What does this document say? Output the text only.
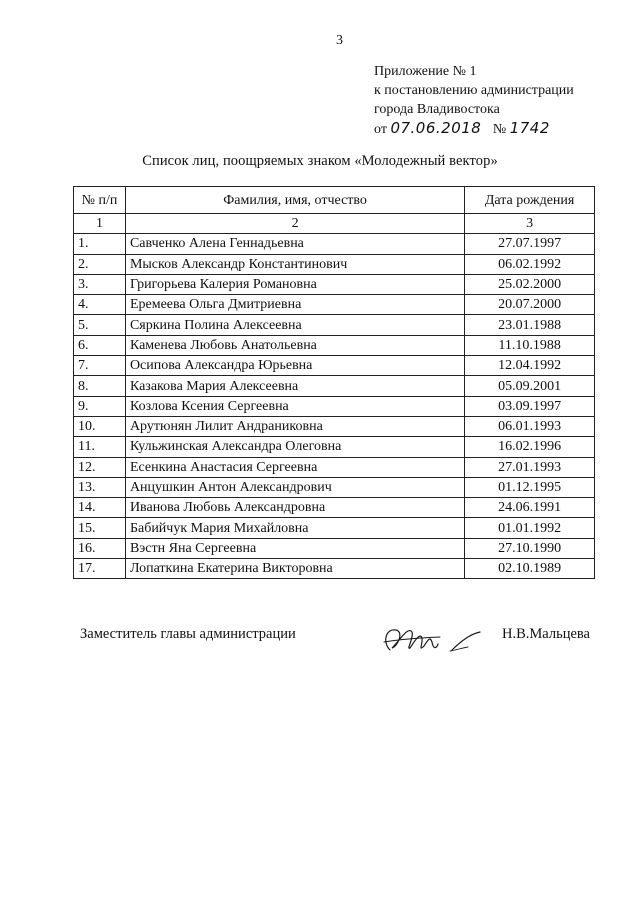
3
Приложение № 1
к постановлению администрации
города Владивостока
от 07.06.2018 № 1742
Список лиц, поощряемых знаком «Молодежный вектор»
№ п/п	Фамилия, имя, отчество	Дата рождения
1	2	3
1.	Савченко Алена Геннадьевна	27.07.1997
2.	Мысков Александр Константинович	06.02.1992
3.	Григорьева Калерия Романовна	25.02.2000
4.	Еремеева Ольга Дмитриевна	20.07.2000
5.	Сяркина Полина Алексеевна	23.01.1988
6.	Каменева Любовь Анатольевна	11.10.1988
7.	Осипова Александра Юрьевна	12.04.1992
8.	Казакова Мария Алексеевна	05.09.2001
9.	Козлова Ксения Сергеевна	03.09.1997
10.	Арутюнян Лилит Андраниковна	06.01.1993
11.	Кульжинская Александра Олеговна	16.02.1996
12.	Есенкина Анастасия Сергеевна	27.01.1993
13.	Анцушкин Антон Александрович	01.12.1995
14.	Иванова Любовь Александровна	24.06.1991
15.	Бабийчук Мария Михайловна	01.01.1992
16.	Вэстн Яна Сергеевна	27.10.1990
17.	Лопаткина Екатерина Викторовна	02.10.1989
Заместитель главы администрации	Н.В.Мальцева
